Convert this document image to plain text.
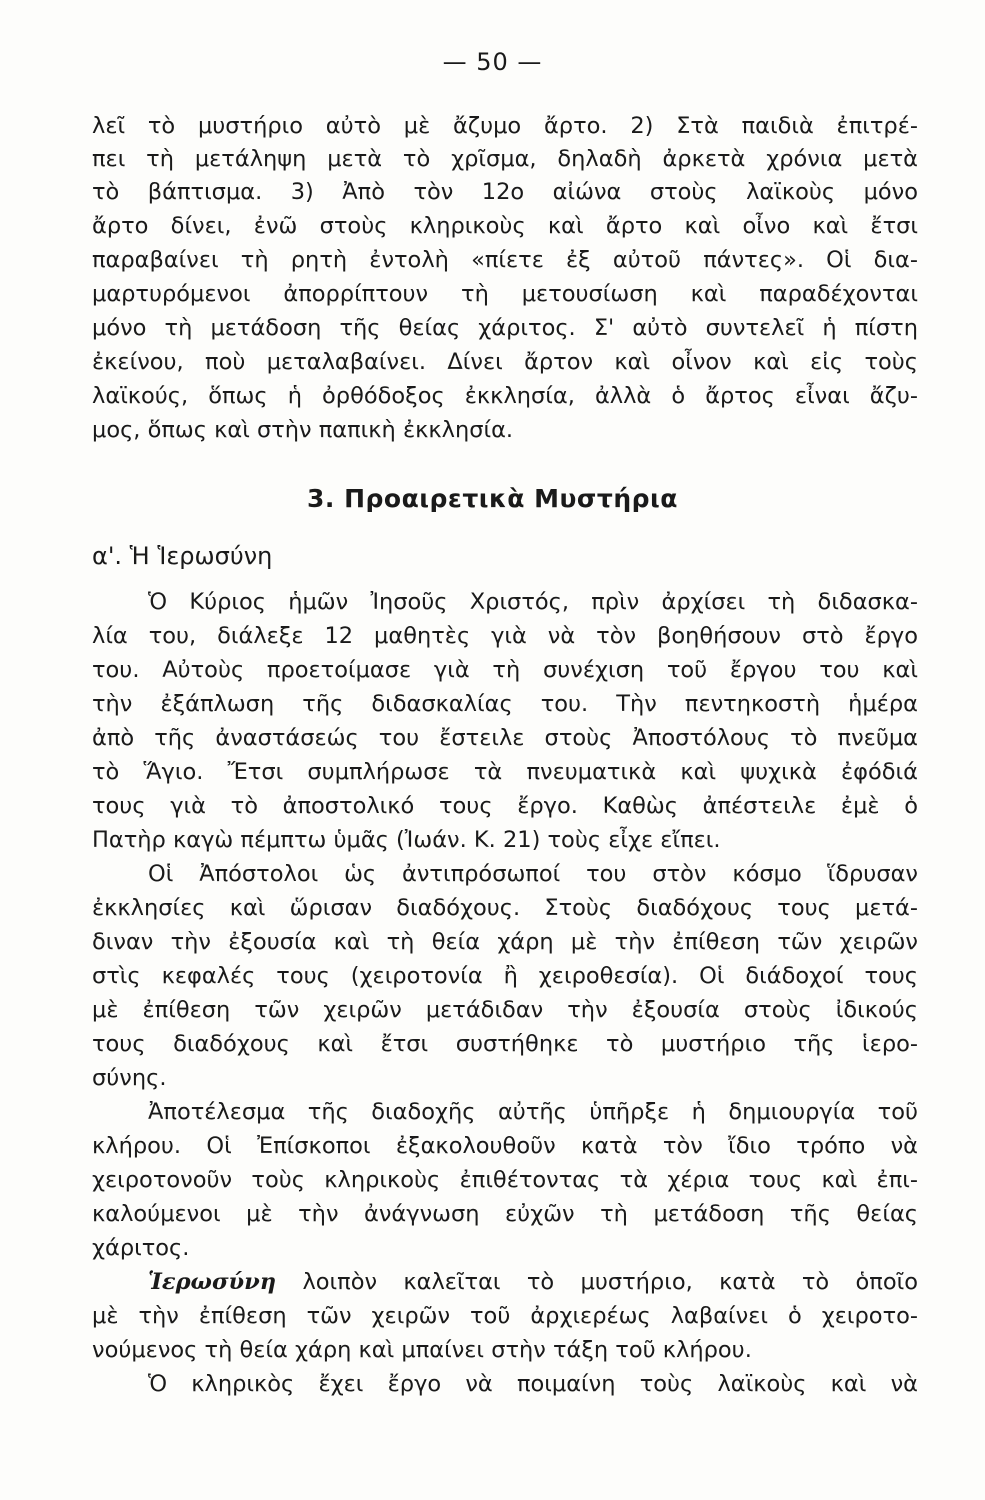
— 50 —
λεῖ τὸ μυστήριο αὐτὸ μὲ ἄζυμο ἄρτο. 2) Στὰ παιδιὰ ἐπιτρέ-
πει τὴ μετάληψη μετὰ τὸ χρῖσμα, δηλαδὴ ἀρκετὰ χρόνια μετὰ
τὸ βάπτισμα. 3) Ἀπὸ τὸν 12ο αἰώνα στοὺς λαϊκοὺς μόνο
ἄρτο δίνει, ἐνῶ στοὺς κληρικοὺς καὶ ἄρτο καὶ οἶνο καὶ ἔτσι
παραβαίνει τὴ ρητὴ ἐντολὴ «πίετε ἐξ αὐτοῦ πάντες». Οἱ δια-
μαρτυρόμενοι ἀπορρίπτουν τὴ μετουσίωση καὶ παραδέχονται
μόνο τὴ μετάδοση τῆς θείας χάριτος. Σ' αὐτὸ συντελεῖ ἡ πίστη
ἐκείνου, ποὺ μεταλαβαίνει. Δίνει ἄρτον καὶ οἶνον καὶ εἰς τοὺς
λαϊκούς, ὅπως ἡ ὀρθόδοξος ἐκκλησία, ἀλλὰ ὁ ἄρτος εἶναι ἄζυ-
μος, ὅπως καὶ στὴν παπικὴ ἐκκλησία.
3. Προαιρετικὰ Μυστήρια
α'. Ἡ Ἱερωσύνη
Ὁ Κύριος ἡμῶν Ἰησοῦς Χριστός, πρὶν ἀρχίσει τὴ διδασκα-
λία του, διάλεξε 12 μαθητὲς γιὰ νὰ τὸν βοηθήσουν στὸ ἔργο
του. Αὐτοὺς προετοίμασε γιὰ τὴ συνέχιση τοῦ ἔργου του καὶ
τὴν ἐξάπλωση τῆς διδασκαλίας του. Τὴν πεντηκοστὴ ἡμέρα
ἀπὸ τῆς ἀναστάσεώς του ἔστειλε στοὺς Ἀποστόλους τὸ πνεῦμα
τὸ Ἅγιο. Ἔτσι συμπλήρωσε τὰ πνευματικὰ καὶ ψυχικὰ ἐφόδιά
τους γιὰ τὸ ἀποστολικό τους ἔργο. Καθὼς ἀπέστειλε ἐμὲ ὁ
Πατὴρ καγὼ πέμπτω ὑμᾶς (Ἰωάν. Κ. 21) τοὺς εἶχε εἴπει.
Οἱ Ἀπόστολοι ὡς ἀντιπρόσωποί του στὸν κόσμο ἵδρυσαν
ἐκκλησίες καὶ ὥρισαν διαδόχους. Στοὺς διαδόχους τους μετά-
διναν τὴν ἐξουσία καὶ τὴ θεία χάρη μὲ τὴν ἐπίθεση τῶν χειρῶν
στὶς κεφαλές τους (χειροτονία ἢ χειροθεσία). Οἱ διάδοχοί τους
μὲ ἐπίθεση τῶν χειρῶν μετάδιδαν τὴν ἐξουσία στοὺς ἰδικούς
τους διαδόχους καὶ ἔτσι συστήθηκε τὸ μυστήριο τῆς ἱερο-
σύνης.
Ἀποτέλεσμα τῆς διαδοχῆς αὐτῆς ὑπῆρξε ἡ δημιουργία τοῦ
κλήρου. Οἱ Ἐπίσκοποι ἐξακολουθοῦν κατὰ τὸν ἴδιο τρόπο νὰ
χειροτονοῦν τοὺς κληρικοὺς ἐπιθέτοντας τὰ χέρια τους καὶ ἐπι-
καλούμενοι μὲ τὴν ἀνάγνωση εὐχῶν τὴ μετάδοση τῆς θείας
χάριτος.
Ἱερωσύνη λοιπὸν καλεῖται τὸ μυστήριο, κατὰ τὸ ὁποῖο
μὲ τὴν ἐπίθεση τῶν χειρῶν τοῦ ἀρχιερέως λαβαίνει ὁ χειροτο-
νούμενος τὴ θεία χάρη καὶ μπαίνει στὴν τάξη τοῦ κλήρου.
Ὁ κληρικὸς ἔχει ἔργο νὰ ποιμαίνη τοὺς λαϊκοὺς καὶ νὰ
